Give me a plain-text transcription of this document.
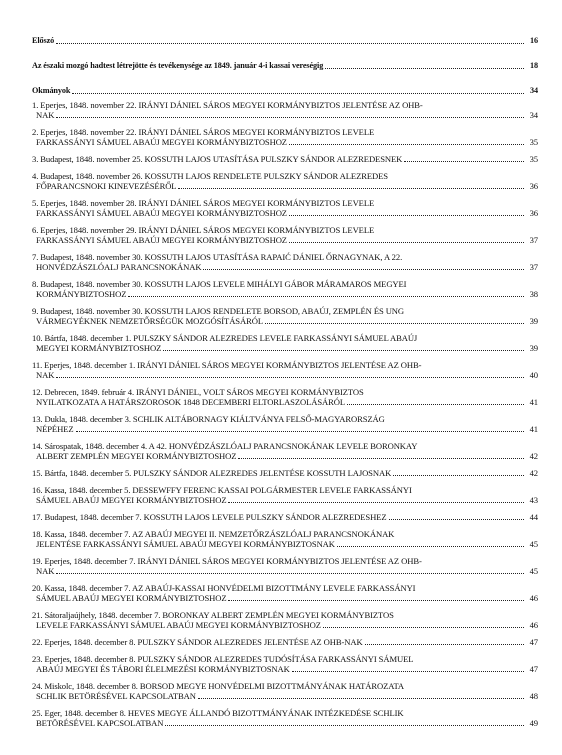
Előszó	16
Az északi mozgó hadtest létrejötte és tevékenysége az 1849. január 4-i kassai vereségig	18
Okmányok	34
1. Eperjes, 1848. november 22. IRÁNYI DÁNIEL SÁROS MEGYEI KORMÁNYBIZTOS JELENTÉSE AZ OHB-
NAK	34
2. Eperjes, 1848. november 22. IRÁNYI DÁNIEL SÁROS MEGYEI KORMÁNYBIZTOS LEVELE
FARKASSÁNYI SÁMUEL ABAÚJ MEGYEI KORMÁNYBIZTOSHOZ	35
3. Budapest, 1848. november 25. KOSSUTH LAJOS UTASÍTÁSA PULSZKY SÁNDOR ALEZREDESNEK	35
4. Budapest, 1848. november 26. KOSSUTH LAJOS RENDELETE PULSZKY SÁNDOR ALEZREDES
FŐPARANCSNOKI KINEVEZÉSÉRŐL	36
5. Eperjes, 1848. november 28. IRÁNYI DÁNIEL SÁROS MEGYEI KORMÁNYBIZTOS LEVELE
FARKASSÁNYI SÁMUEL ABAÚJ MEGYEI KORMÁNYBIZTOSHOZ	36
6. Eperjes, 1848. november 29. IRÁNYI DÁNIEL SÁROS MEGYEI KORMÁNYBIZTOS LEVELE
FARKASSÁNYI SÁMUEL ABAÚJ MEGYEI KORMÁNYBIZTOSHOZ	37
7. Budapest, 1848. november 30. KOSSUTH LAJOS UTASÍTÁSA RAPAIĆ DÁNIEL ŐRNAGYNAK, A 22.
HONVÉDZÁSZLÓALJ PARANCSNOKÁNAK	37
8. Budapest, 1848. november 30. KOSSUTH LAJOS LEVELE MIHÁLYI GÁBOR MÁRAMAROS MEGYEI
KORMÁNYBIZTOSHOZ	38
9. Budapest, 1848. november 30. KOSSUTH LAJOS RENDELETE BORSOD, ABAÚJ, ZEMPLÉN ÉS UNG
VÁRMEGYÉKNEK NEMZETŐRSÉGÜK MOZGÓSÍTÁSÁRÓL	39
10. Bártfa, 1848. december 1. PULSZKY SÁNDOR ALEZREDES LEVELE FARKASSÁNYI SÁMUEL ABAÚJ
MEGYEI KORMÁNYBIZTOSHOZ	39
11. Eperjes, 1848. december 1. IRÁNYI DÁNIEL SÁROS MEGYEI KORMÁNYBIZTOS JELENTÉSE AZ OHB-
NAK	40
12. Debrecen, 1849. február 4. IRÁNYI DÁNIEL, VOLT SÁROS MEGYEI KORMÁNYBIZTOS
NYILATKOZATA A HATÁRSZOROSOK 1848 DECEMBERI ELTORLASZOLÁSÁRÓL	41
13. Dukla, 1848. december 3. SCHLIK ALTÁBORNAGY KIÁLTVÁNYA FELSŐ-MAGYARORSZÁG
NÉPÉHEZ	41
14. Sárospatak, 1848. december 4. A 42. HONVÉDZÁSZLÓALJ PARANCSNOKÁNAK LEVELE BORONKAY
ALBERT ZEMPLÉN MEGYEI KORMÁNYBIZTOSHOZ	42
15. Bártfa, 1848. december 5. PULSZKY SÁNDOR ALEZREDES JELENTÉSE KOSSUTH LAJOSNAK	42
16. Kassa, 1848. december 5. DESSEWFFY FERENC KASSAI POLGÁRMESTER LEVELE FARKASSÁNYI
SÁMUEL ABAÚJ MEGYEI KORMÁNYBIZTOSHOZ	43
17. Budapest, 1848. december 7. KOSSUTH LAJOS LEVELE PULSZKY SÁNDOR ALEZREDESHEZ	44
18. Kassa, 1848. december 7. AZ ABAÚJ MEGYEI II. NEMZETŐRZÁSZLÓALJ PARANCSNOKÁNAK
JELENTÉSE FARKASSÁNYI SÁMUEL ABAÚJ MEGYEI KORMÁNYBIZTOSNAK	45
19. Eperjes, 1848. december 7. IRÁNYI DÁNIEL SÁROS MEGYEI KORMÁNYBIZTOS JELENTÉSE AZ OHB-
NAK	45
20. Kassa, 1848. december 7. AZ ABAÚJ-KASSAI HONVÉDELMI BIZOTTMÁNY LEVELE FARKASSÁNYI
SÁMUEL ABAÚJ MEGYEI KORMÁNYBIZTOSHOZ	46
21. Sátoraljaújhely, 1848. december 7. BORONKAY ALBERT ZEMPLÉN MEGYEI KORMÁNYBIZTOS
LEVELE FARKASSÁNYI SÁMUEL ABAÚJ MEGYEI KORMÁNYBIZTOSHOZ	46
22. Eperjes, 1848. december 8. PULSZKY SÁNDOR ALEZREDES JELENTÉSE AZ OHB-NAK	47
23. Eperjes, 1848. december 8. PULSZKY SÁNDOR ALEZREDES TUDÓSÍTÁSA FARKASSÁNYI SÁMUEL
ABAÚJ MEGYEI ÉS TÁBORI ÉLELMEZÉSI KORMÁNYBIZTOSNAK	47
24. Miskolc, 1848. december 8. BORSOD MEGYE HONVÉDELMI BIZOTTMÁNYÁNAK HATÁROZATA
SCHLIK BETÖRÉSÉVEL KAPCSOLATBAN	48
25. Eger, 1848. december 8. HEVES MEGYE ÁLLANDÓ BIZOTTMÁNYÁNAK INTÉZKEDÉSE SCHLIK
BETÖRÉSÉVEL KAPCSOLATBAN	49
